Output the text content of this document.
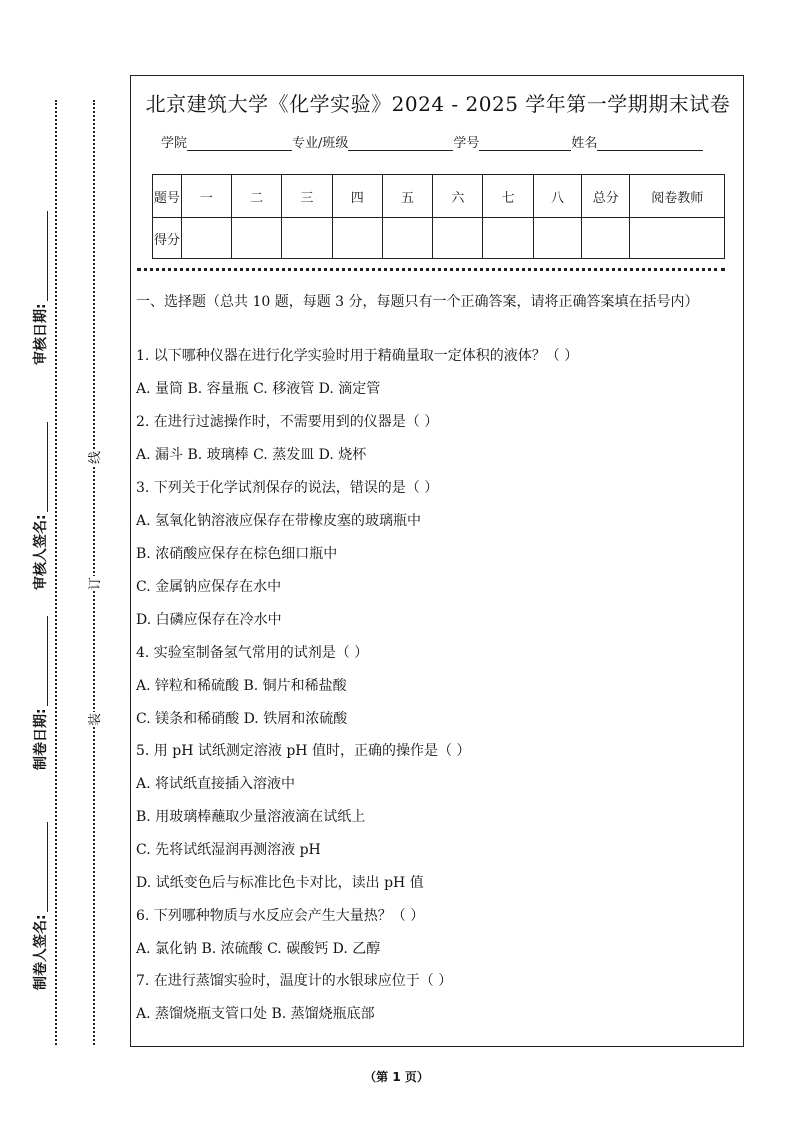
审核日期:
审核人签名:
制卷日期:
制卷人签名:
线
订
装
北京建筑大学《化学实验》2024 - 2025 学年第一学期期末试卷
学院	专业/班级	学号	姓名
题号	一	二	三	四	五	六	七	八	总分	阅卷教师
得分										
一、选择题（总共 10 题，每题 3 分，每题只有一个正确答案，请将正确答案填在括号内）
1. 以下哪种仪器在进行化学实验时用于精确量取一定体积的液体？（ ）
A. 量筒 B. 容量瓶 C. 移液管 D. 滴定管
2. 在进行过滤操作时，不需要用到的仪器是（ ）
A. 漏斗 B. 玻璃棒 C. 蒸发皿 D. 烧杯
3. 下列关于化学试剂保存的说法，错误的是（ ）
A. 氢氧化钠溶液应保存在带橡皮塞的玻璃瓶中
B. 浓硝酸应保存在棕色细口瓶中
C. 金属钠应保存在水中
D. 白磷应保存在冷水中
4. 实验室制备氢气常用的试剂是（ ）
A. 锌粒和稀硫酸 B. 铜片和稀盐酸
C. 镁条和稀硝酸 D. 铁屑和浓硫酸
5. 用 pH 试纸测定溶液 pH 值时，正确的操作是（ ）
A. 将试纸直接插入溶液中
B. 用玻璃棒蘸取少量溶液滴在试纸上
C. 先将试纸湿润再测溶液 pH
D. 试纸变色后与标准比色卡对比，读出 pH 值
6. 下列哪种物质与水反应会产生大量热？（ ）
A. 氯化钠 B. 浓硫酸 C. 碳酸钙 D. 乙醇
7. 在进行蒸馏实验时，温度计的水银球应位于（ ）
A. 蒸馏烧瓶支管口处 B. 蒸馏烧瓶底部
（第 1 页）
